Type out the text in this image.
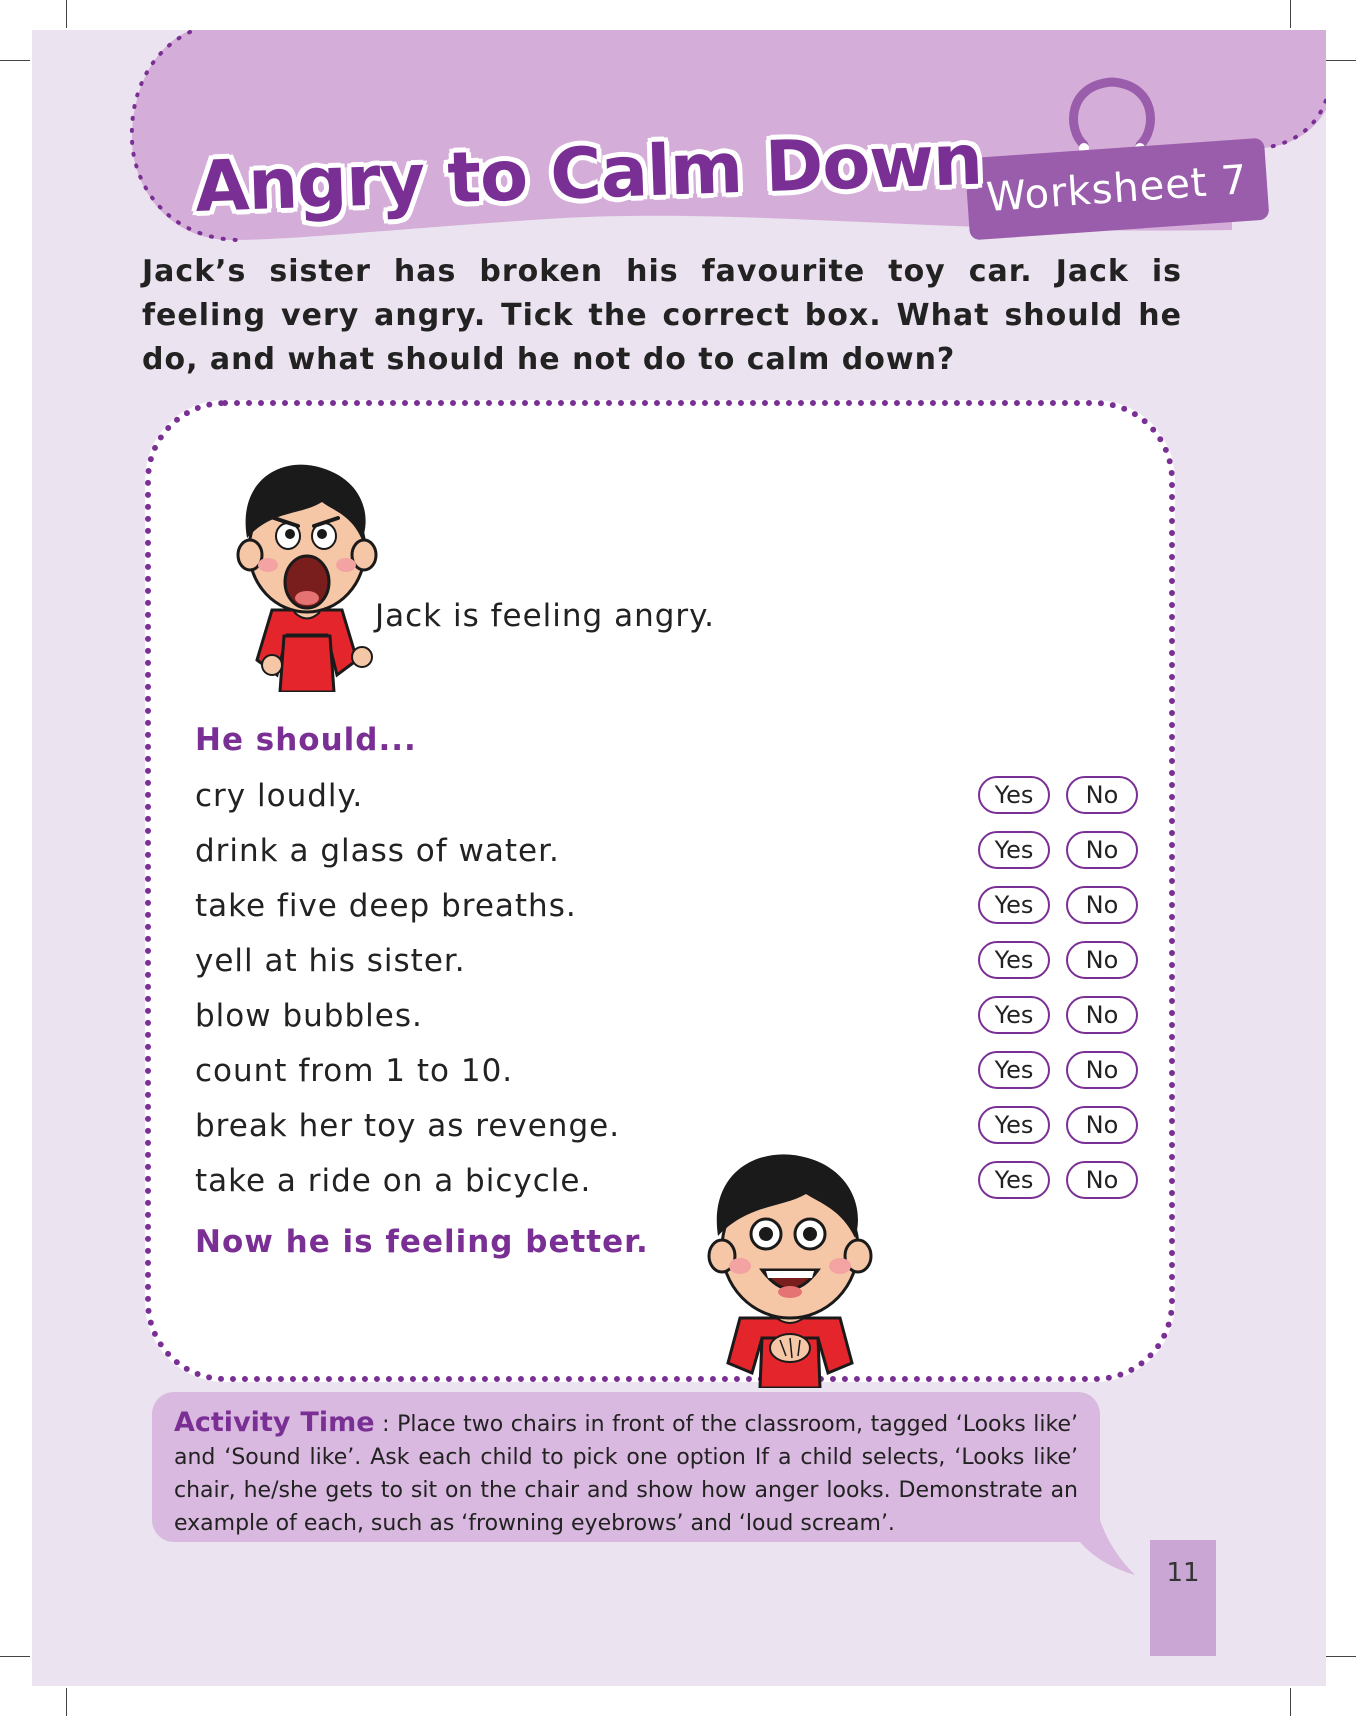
Worksheet 7
Angry to Calm Down

Jack’s sister has broken his favourite toy car. Jack is feeling very angry. Tick the correct box. What should he do, and what should he not do to calm down?

Jack is feeling angry.

He should...

cry loudly.	Yes	No
drink a glass of water.	Yes	No
take five deep breaths.	Yes	No
yell at his sister.	Yes	No
blow bubbles.	Yes	No
count from 1 to 10.	Yes	No
break her toy as revenge.	Yes	No
take a ride on a bicycle.	Yes	No

Now he is feeling better.

Activity Time : Place two chairs in front of the classroom, tagged ‘Looks like’ and ‘Sound like’. Ask each child to pick one option If a child selects, ‘Looks like’ chair, he/she gets to sit on the chair and show how anger looks. Demonstrate an example of each, such as ‘frowning eyebrows’ and ‘loud scream’.
11
